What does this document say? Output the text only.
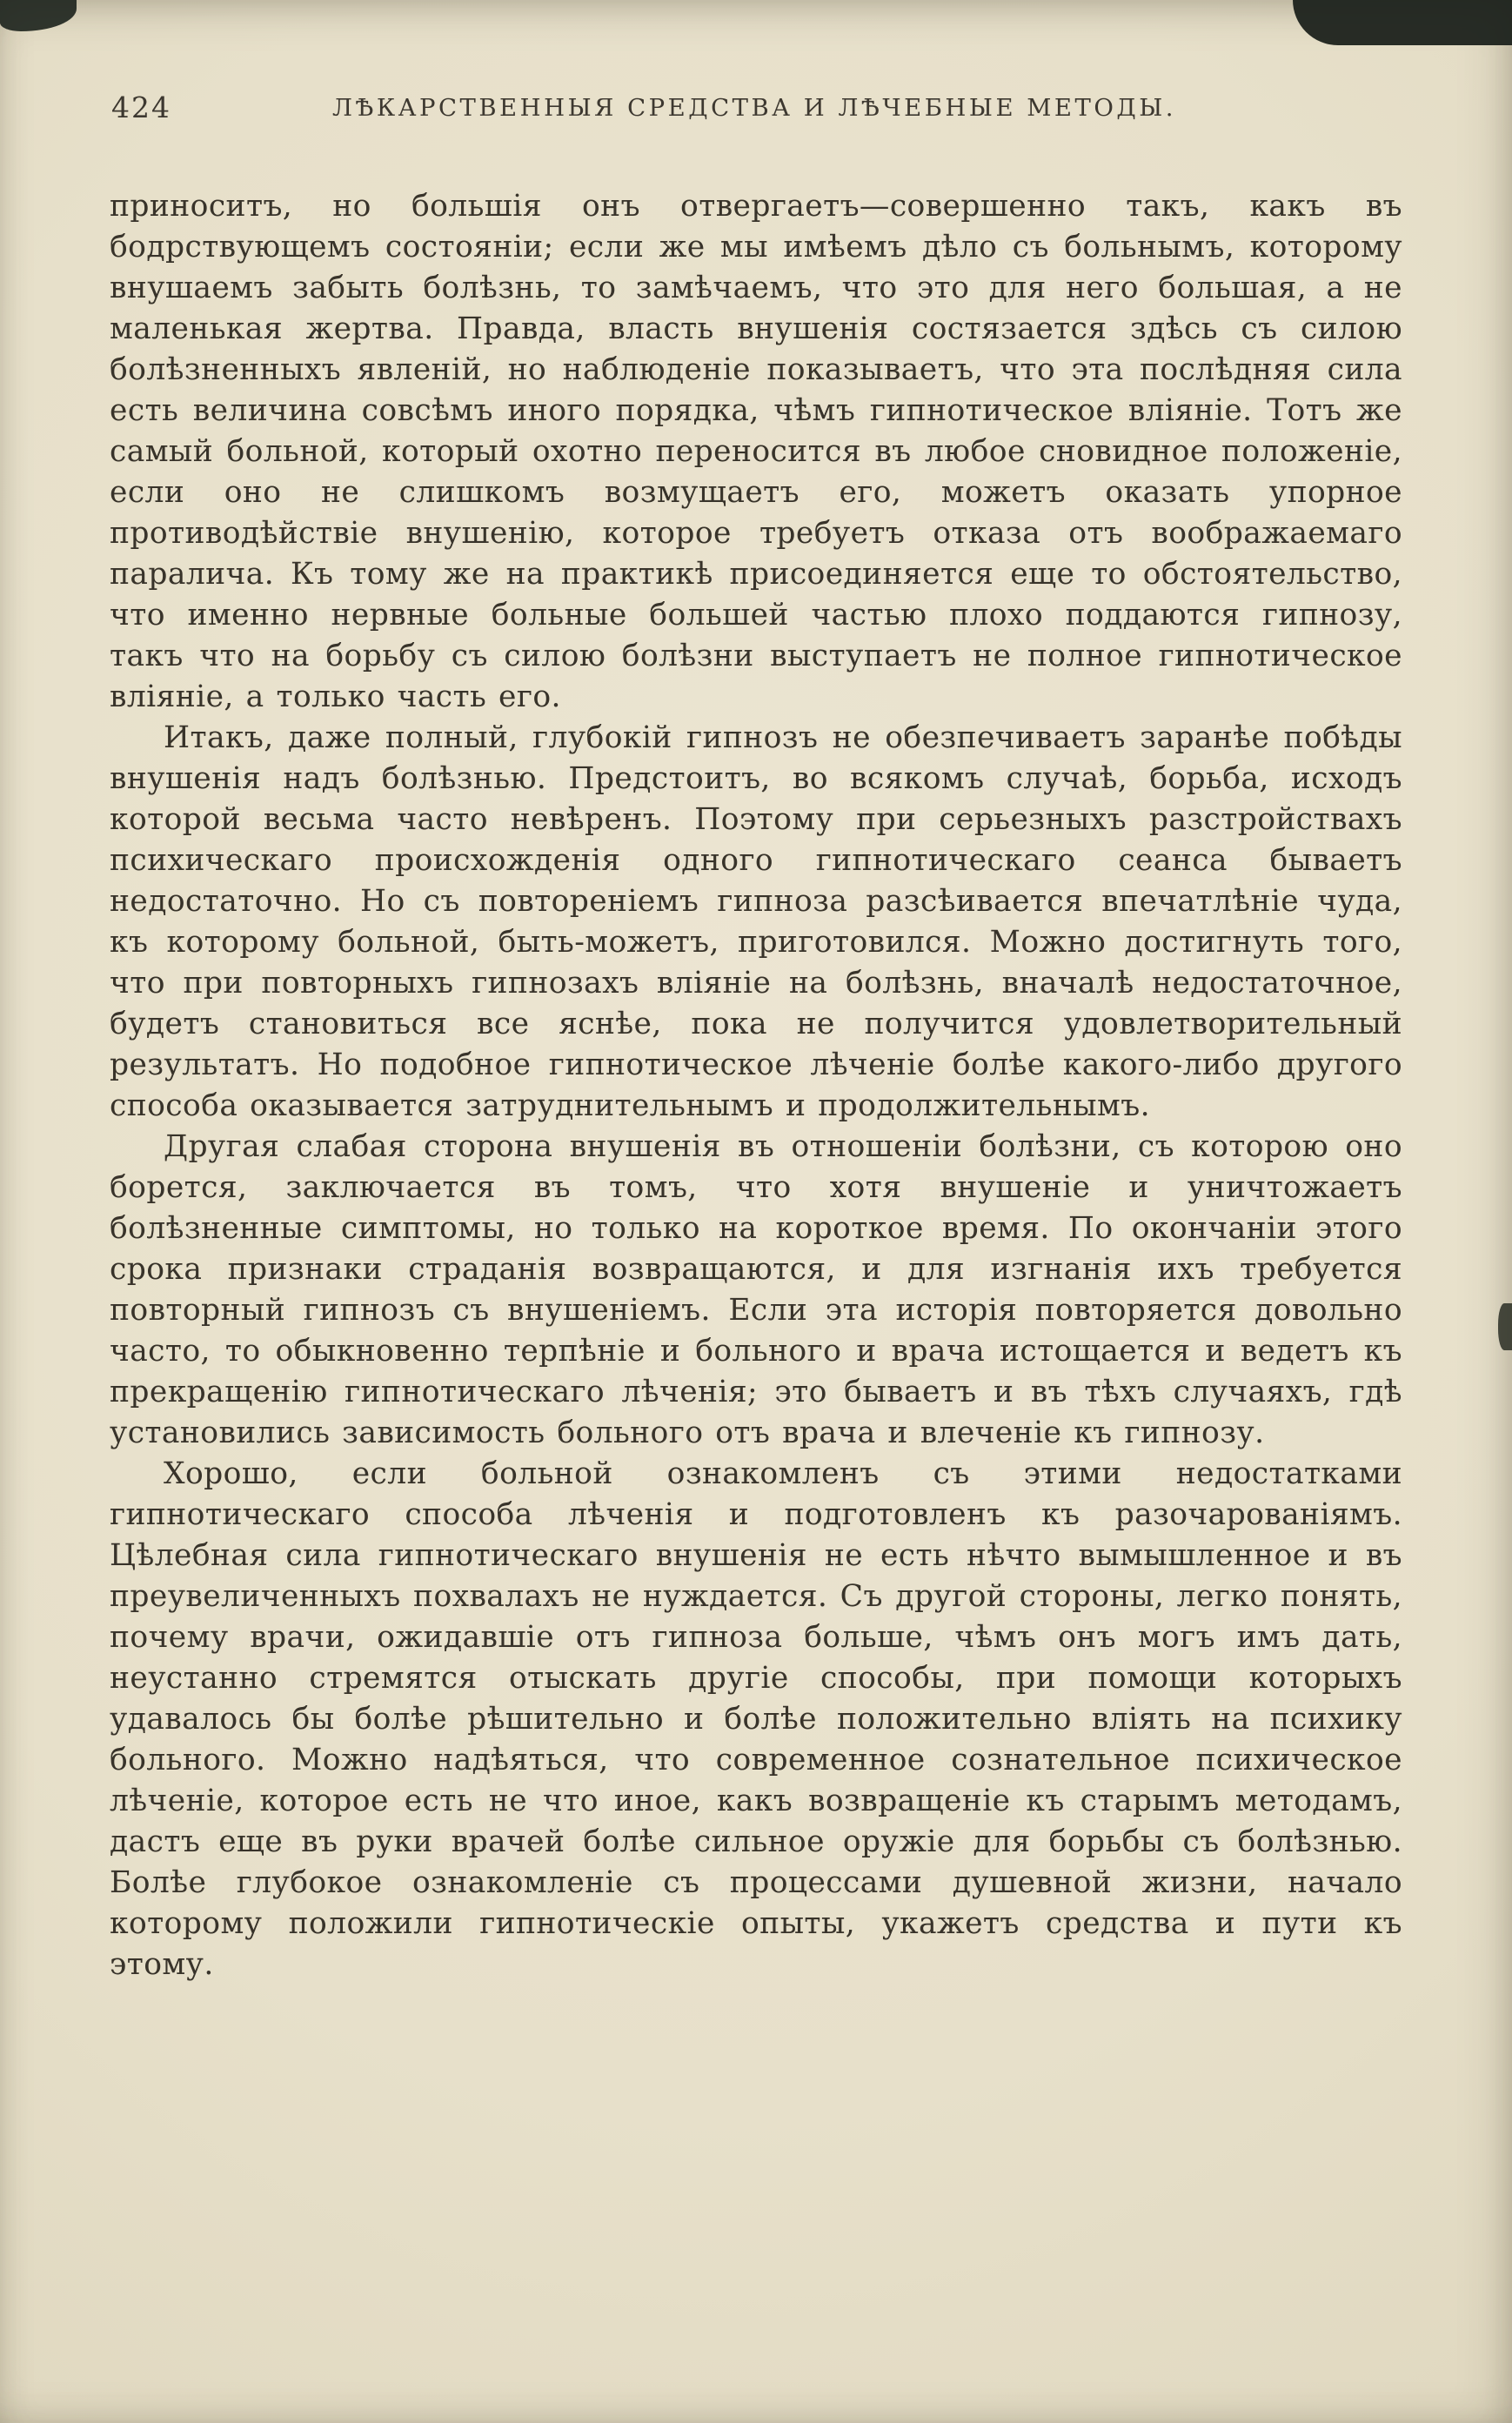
424	ЛѢКАРСТВЕННЫЯ СРЕДСТВА И ЛѢЧЕБНЫЕ МЕТОДЫ.

приноситъ, но большія онъ отвергаетъ—совершенно такъ, какъ въ бодрствующемъ состояніи; если же мы имѣемъ дѣло съ больнымъ, которому внушаемъ забыть болѣзнь, то замѣчаемъ, что это для него большая, а не маленькая жертва. Правда, власть внушенія состязается здѣсь съ силою болѣзненныхъ явленій, но наблюденіе показываетъ, что эта послѣдняя сила есть величина совсѣмъ иного порядка, чѣмъ гипнотическое вліяніе. Тотъ же самый больной, который охотно переносится въ любое сновидное положеніе, если оно не слишкомъ возмущаетъ его, можетъ оказать упорное противодѣйствіе внушенію, которое требуетъ отказа отъ воображаемаго паралича. Къ тому же на практикѣ присоединяется еще то обстоятельство, что именно нервные больные большей частью плохо поддаются гипнозу, такъ что на борьбу съ силою болѣзни выступаетъ не полное гипнотическое вліяніе, а только часть его.

Итакъ, даже полный, глубокій гипнозъ не обезпечиваетъ заранѣе побѣды внушенія надъ болѣзнью. Предстоитъ, во всякомъ случаѣ, борьба, исходъ которой весьма часто невѣренъ. Поэтому при серьезныхъ разстройствахъ психическаго происхожденія одного гипнотическаго сеанса бываетъ недостаточно. Но съ повтореніемъ гипноза разсѣивается впечатлѣніе чуда, къ которому больной, быть-можетъ, приготовился. Можно достигнуть того, что при повторныхъ гипнозахъ вліяніе на болѣзнь, вначалѣ недостаточное, будетъ становиться все яснѣе, пока не получится удовлетворительный результатъ. Но подобное гипнотическое лѣченіе болѣе какого-либо другого способа оказывается затруднительнымъ и продолжительнымъ.

Другая слабая сторона внушенія въ отношеніи болѣзни, съ которою оно борется, заключается въ томъ, что хотя внушеніе и уничтожаетъ болѣзненные симптомы, но только на короткое время. По окончаніи этого срока признаки страданія возвращаются, и для изгнанія ихъ требуется повторный гипнозъ съ внушеніемъ. Если эта исторія повторяется довольно часто, то обыкновенно терпѣніе и больного и врача истощается и ведетъ къ прекращенію гипнотическаго лѣченія; это бываетъ и въ тѣхъ случаяхъ, гдѣ установились зависимость больного отъ врача и влеченіе къ гипнозу.

Хорошо, если больной ознакомленъ съ этими недостатками гипнотическаго способа лѣченія и подготовленъ къ разочарованіямъ. Цѣлебная сила гипнотическаго внушенія не есть нѣчто вымышленное и въ преувеличенныхъ похвалахъ не нуждается. Съ другой стороны, легко понять, почему врачи, ожидавшіе отъ гипноза больше, чѣмъ онъ могъ имъ дать, неустанно стремятся отыскать другіе способы, при помощи которыхъ удавалось бы болѣе рѣшительно и болѣе положительно вліять на психику больного. Можно надѣяться, что современное сознательное психическое лѣченіе, которое есть не что иное, какъ возвращеніе къ старымъ методамъ, дастъ еще въ руки врачей болѣе сильное оружіе для борьбы съ болѣзнью. Болѣе глубокое ознакомленіе съ процессами душевной жизни, начало которому положили гипнотическіе опыты, укажетъ средства и пути къ этому.
